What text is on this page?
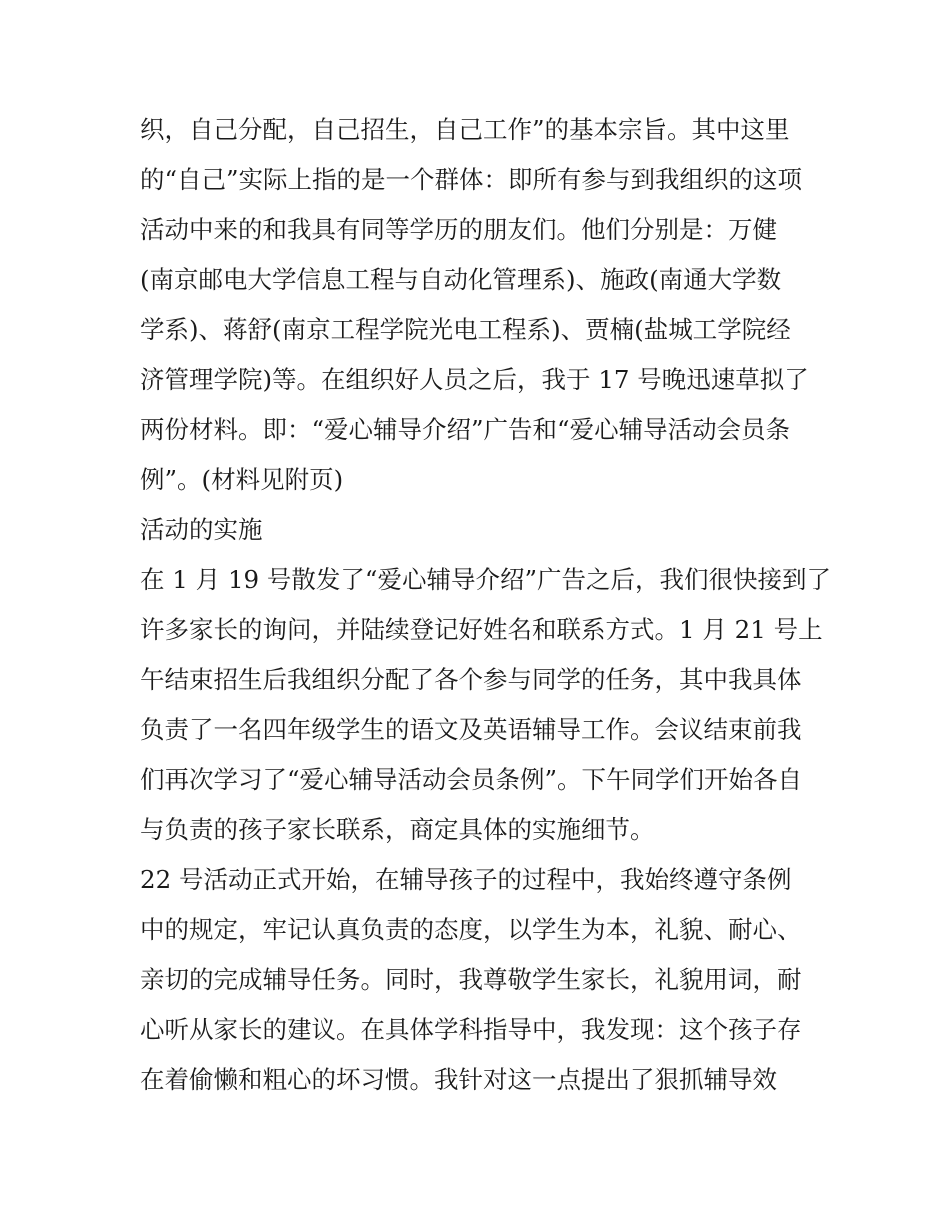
织，自己分配，自己招生，自己工作”的基本宗旨。其中这里

的“自己”实际上指的是一个群体：即所有参与到我组织的这项

活动中来的和我具有同等学历的朋友们。他们分别是：万健

(南京邮电大学信息工程与自动化管理系)、施政(南通大学数

学系)、蒋舒(南京工程学院光电工程系)、贾楠(盐城工学院经

济管理学院)等。在组织好人员之后，我于 17 号晚迅速草拟了

两份材料。即：“爱心辅导介绍”广告和“爱心辅导活动会员条

例”。(材料见附页)

活动的实施

在 1 月 19 号散发了“爱心辅导介绍”广告之后，我们很快接到了

许多家长的询问，并陆续登记好姓名和联系方式。1 月 21 号上

午结束招生后我组织分配了各个参与同学的任务，其中我具体

负责了一名四年级学生的语文及英语辅导工作。会议结束前我

们再次学习了“爱心辅导活动会员条例”。下午同学们开始各自

与负责的孩子家长联系，商定具体的实施细节。

22 号活动正式开始，在辅导孩子的过程中，我始终遵守条例

中的规定，牢记认真负责的态度，以学生为本，礼貌、耐心、

亲切的完成辅导任务。同时，我尊敬学生家长，礼貌用词，耐

心听从家长的建议。在具体学科指导中，我发现：这个孩子存

在着偷懒和粗心的坏习惯。我针对这一点提出了狠抓辅导效
